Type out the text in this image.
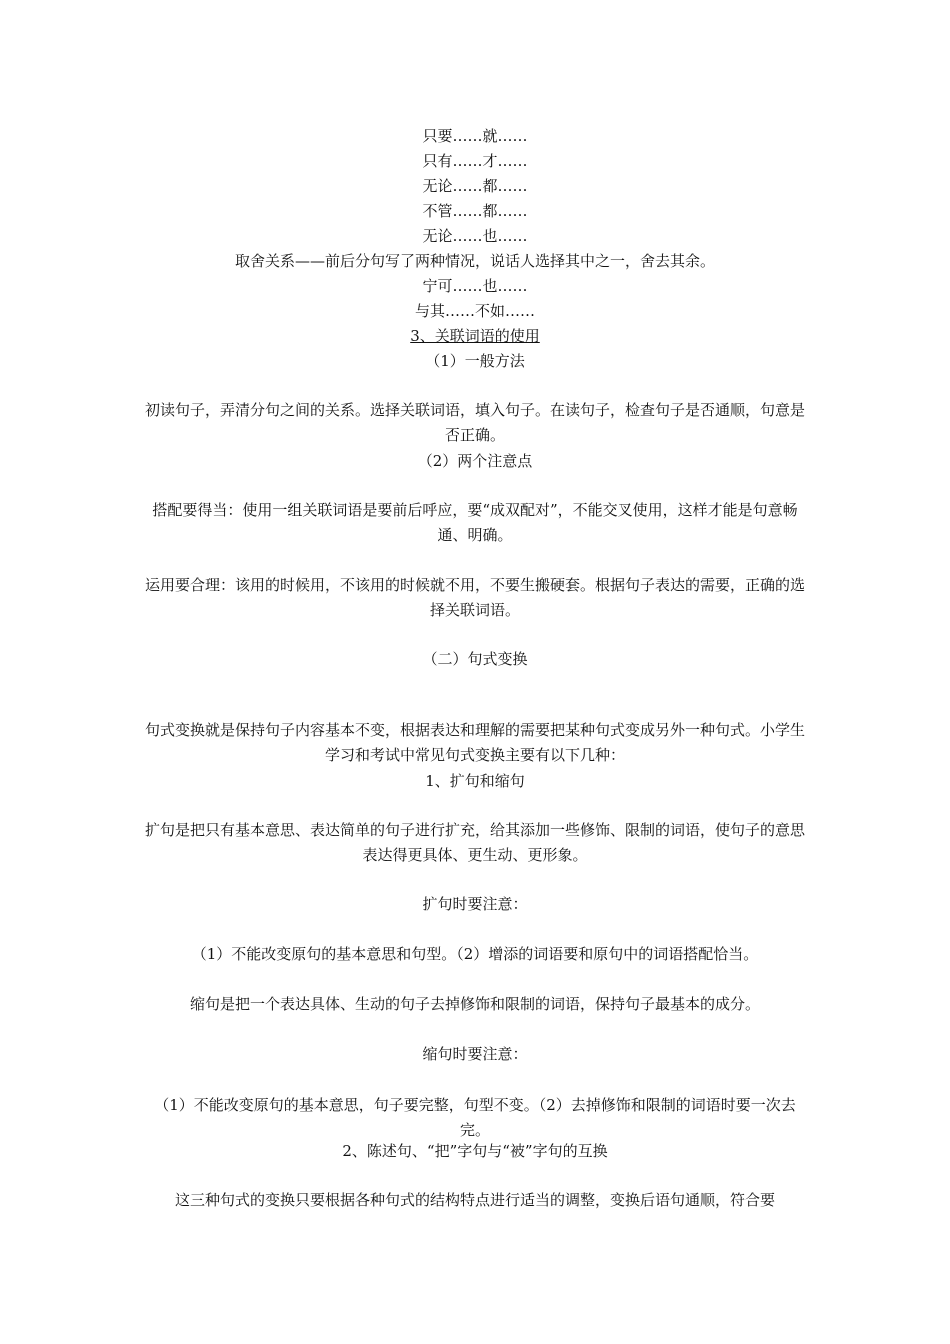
只要……就……
只有……才……
无论……都……
不管……都……
无论……也……
取舍关系——前后分句写了两种情况，说话人选择其中之一，舍去其余。
宁可……也……
与其……不如……
3、关联词语的使用
（1）一般方法
初读句子，弄清分句之间的关系。选择关联词语，填入句子。在读句子，检查句子是否通顺，句意是否正确。
（2）两个注意点
搭配要得当：使用一组关联词语是要前后呼应，要“成双配对”，不能交叉使用，这样才能是句意畅通、明确。
运用要合理：该用的时候用，不该用的时候就不用，不要生搬硬套。根据句子表达的需要，正确的选择关联词语。
（二）句式变换
句式变换就是保持句子内容基本不变，根据表达和理解的需要把某种句式变成另外一种句式。小学生学习和考试中常见句式变换主要有以下几种：
1、扩句和缩句
扩句是把只有基本意思、表达简单的句子进行扩充，给其添加一些修饰、限制的词语，使句子的意思表达得更具体、更生动、更形象。
扩句时要注意：
（1）不能改变原句的基本意思和句型。（2）增添的词语要和原句中的词语搭配恰当。
缩句是把一个表达具体、生动的句子去掉修饰和限制的词语，保持句子最基本的成分。
缩句时要注意：
（1）不能改变原句的基本意思，句子要完整，句型不变。（2）去掉修饰和限制的词语时要一次去完。
2、陈述句、“把”字句与“被”字句的互换
这三种句式的变换只要根据各种句式的结构特点进行适当的调整，变换后语句通顺，符合要
